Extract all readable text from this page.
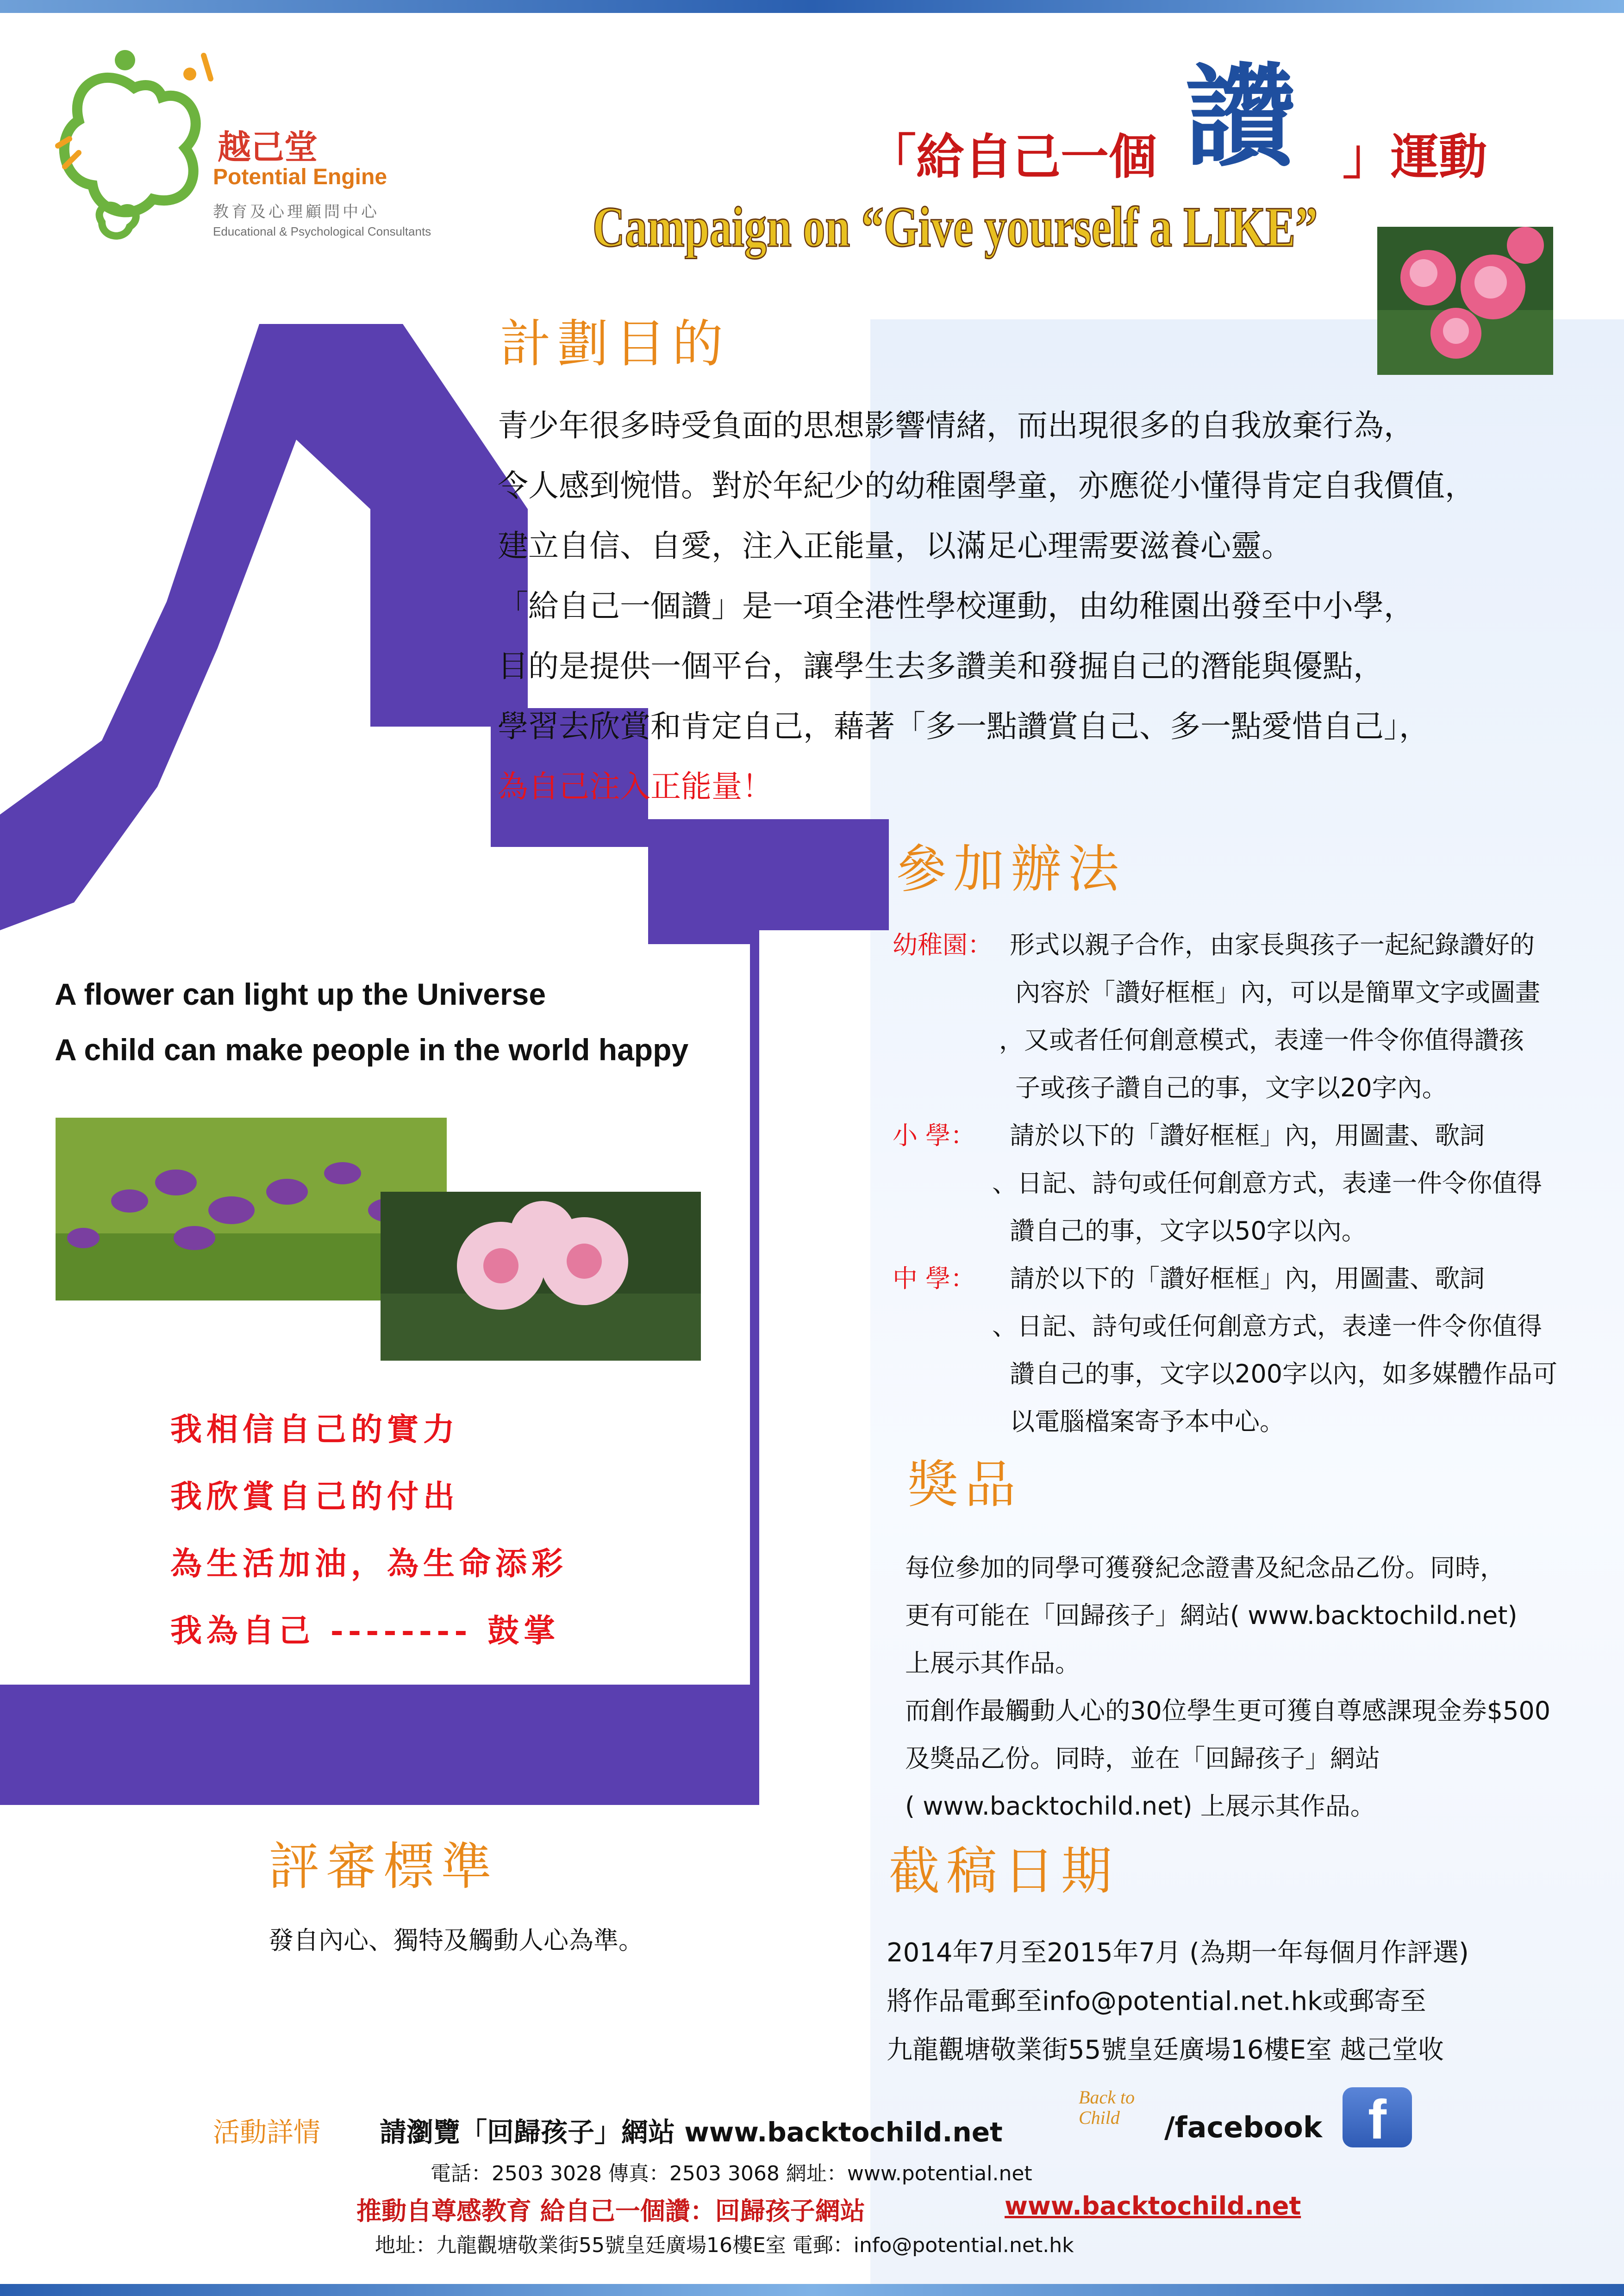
越己堂
Potential Engine
教育及心理顧問中心
Educational & Psychological Consultants
「給自己一個 讚 」運動
Campaign on “Give yourself a LIKE”
計劃目的
青少年很多時受負面的思想影響情緒，而出現很多的自我放棄行為，
令人感到惋惜。對於年紀少的幼稚園學童，亦應從小懂得肯定自我價值，
建立自信、自愛，注入正能量，以滿足心理需要滋養心靈。
「給自己一個讚」是一項全港性學校運動，由幼稚園出發至中小學，
目的是提供一個平台，讓學生去多讚美和發掘自己的潛能與優點，
學習去欣賞和肯定自己，藉著「多一點讚賞自己、多一點愛惜自己」，
為自己注入正能量！
參加辦法
幼稚園： 形式以親子合作，由家長與孩子一起紀錄讚好的
內容於「讚好框框」內，可以是簡單文字或圖畫
，又或者任何創意模式，表達一件令你值得讚孩
子或孩子讚自己的事，文字以20字內。
小 學： 請於以下的「讚好框框」內，用圖畫、歌詞
、日記、詩句或任何創意方式，表達一件令你值得
讚自己的事，文字以50字以內。
中 學： 請於以下的「讚好框框」內，用圖畫、歌詞
、日記、詩句或任何創意方式，表達一件令你值得
讚自己的事，文字以200字以內，如多媒體作品可
以電腦檔案寄予本中心。
A flower can light up the Universe
A child can make people in the world happy
我相信自己的實力
我欣賞自己的付出
為生活加油，為生命添彩
我為自己 -------- 鼓掌
獎品
每位參加的同學可獲發紀念證書及紀念品乙份。同時，
更有可能在「回歸孩子」網站( www.backtochild.net)
上展示其作品。
而創作最觸動人心的30位學生更可獲自尊感課現金券$500
及獎品乙份。同時，並在「回歸孩子」網站
( www.backtochild.net) 上展示其作品。
評審標準
發自內心、獨特及觸動人心為準。
截稿日期
2014年7月至2015年7月 (為期一年每個月作評選)
將作品電郵至info@potential.net.hk或郵寄至
九龍觀塘敬業街55號皇廷廣場16樓E室 越己堂收
活動詳情 請瀏覽「回歸孩子」網站 www.backtochild.net
Back to Child	/facebook f
電話：2503 3028 傳真：2503 3068 網址：www.potential.net
推動自尊感教育 給自己一個讚：回歸孩子網站	www.backtochild.net
地址：九龍觀塘敬業街55號皇廷廣場16樓E室 電郵：info@potential.net.hk
